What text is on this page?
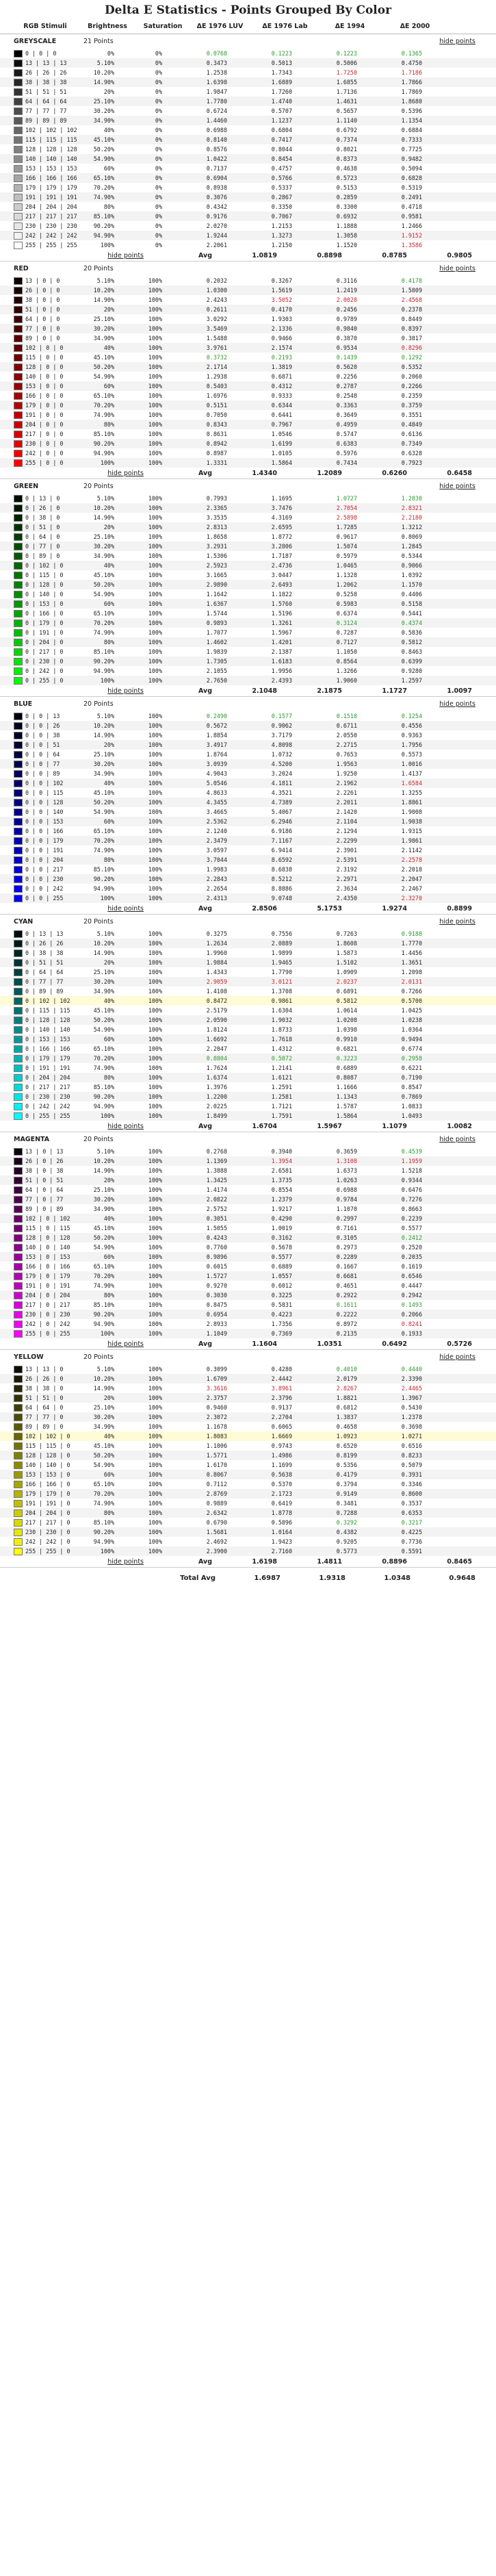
Delta E Statistics - Points Grouped By Color
RGB Stimuli	Brightness	Saturation	ΔE 1976 LUV	ΔE 1976 Lab	ΔE 1994	ΔE 2000
GREYSCALE	21 Points	hide points
0 | 0 | 0	0%	0%	0.0768	0.1223	0.1223	0.1365
13 | 13 | 13	5.10%	0%	0.3473	0.5013	0.5006	0.4750
26 | 26 | 26	10.20%	0%	1.2538	1.7343	1.7250	1.7186
38 | 38 | 38	14.90%	0%	1.6398	1.6889	1.6855	1.7866
51 | 51 | 51	20%	0%	1.9847	1.7260	1.7136	1.7869
64 | 64 | 64	25.10%	0%	1.7780	1.4740	1.4631	1.8680
77 | 77 | 77	30.20%	0%	0.6724	0.5707	0.5657	0.5396
89 | 89 | 89	34.90%	0%	1.4460	1.1237	1.1140	1.1354
102 | 102 | 102	40%	0%	0.6988	0.6804	0.6792	0.6884
115 | 115 | 115	45.10%	0%	0.8140	0.7417	0.7374	0.7333
128 | 128 | 128	50.20%	0%	0.8576	0.8044	0.8021	0.7725
140 | 140 | 140	54.90%	0%	1.0422	0.8454	0.8373	0.9482
153 | 153 | 153	60%	0%	0.7137	0.4757	0.4638	0.5094
166 | 166 | 166	65.10%	0%	0.6904	0.5766	0.5723	0.6828
179 | 179 | 179	70.20%	0%	0.8938	0.5337	0.5153	0.5319
191 | 191 | 191	74.90%	0%	0.3076	0.2867	0.2859	0.2491
204 | 204 | 204	80%	0%	0.4342	0.3350	0.3300	0.4718
217 | 217 | 217	85.10%	0%	0.9176	0.7067	0.6932	0.9581
230 | 230 | 230	90.20%	0%	2.0270	1.2153	1.1888	1.2466
242 | 242 | 242	94.90%	0%	1.9244	1.3273	1.3058	1.9152
255 | 255 | 255	100%	0%	2.2061	1.2150	1.1520	1.3586
hide points	Avg	1.0819	0.8898	0.8785	0.9805
RED	20 Points	hide points
13 | 0 | 0	5.10%	100%	0.2032	0.3267	0.3116	0.4178
26 | 0 | 0	10.20%	100%	1.0300	1.5619	1.2419	1.5809
38 | 0 | 0	14.90%	100%	2.4243	3.5052	2.0028	2.4568
51 | 0 | 0	20%	100%	0.2611	0.4170	0.2456	0.2378
64 | 0 | 0	25.10%	100%	3.0292	1.9303	0.9789	0.8449
77 | 0 | 0	30.20%	100%	3.5469	2.1336	0.9840	0.8397
89 | 0 | 0	34.90%	100%	1.5488	0.9466	0.3870	0.3817
102 | 0 | 0	40%	100%	3.9761	2.1574	0.9534	0.8296
115 | 0 | 0	45.10%	100%	0.3732	0.2193	0.1439	0.1292
128 | 0 | 0	50.20%	100%	2.1714	1.3819	0.5620	0.5352
140 | 0 | 0	54.90%	100%	1.2938	0.6871	0.2256	0.2060
153 | 0 | 0	60%	100%	0.5403	0.4312	0.2787	0.2266
166 | 0 | 0	65.10%	100%	1.6976	0.9333	0.2548	0.2359
179 | 0 | 0	70.20%	100%	0.5151	0.6344	0.3363	0.3759
191 | 0 | 0	74.90%	100%	0.7050	0.6441	0.3649	0.3551
204 | 0 | 0	80%	100%	0.8343	0.7967	0.4959	0.4849
217 | 0 | 0	85.10%	100%	0.8631	1.0546	0.5747	0.6136
230 | 0 | 0	90.20%	100%	0.8942	1.6199	0.6383	0.7349
242 | 0 | 0	94.90%	100%	0.8987	1.0105	0.5976	0.6328
255 | 0 | 0	100%	100%	1.3331	1.5864	0.7434	0.7923
hide points	Avg	1.4340	1.2089	0.6260	0.6458
GREEN	20 Points	hide points
0 | 13 | 0	5.10%	100%	0.7993	1.1695	1.0727	1.2830
0 | 26 | 0	10.20%	100%	2.3365	3.7476	2.7054	2.8321
0 | 38 | 0	14.90%	100%	3.3535	4.3169	2.5898	2.2180
0 | 51 | 0	20%	100%	2.8313	2.6595	1.7285	1.3212
0 | 64 | 0	25.10%	100%	1.8658	1.8772	0.9617	0.8069
0 | 77 | 0	30.20%	100%	3.2931	3.2806	1.5074	1.2845
0 | 89 | 0	34.90%	100%	1.5306	1.7187	0.5979	0.5344
0 | 102 | 0	40%	100%	2.5923	2.4736	1.0465	0.9066
0 | 115 | 0	45.10%	100%	3.1665	3.0447	1.1328	1.0392
0 | 128 | 0	50.20%	100%	2.9890	2.6493	1.2062	1.1570
0 | 140 | 0	54.90%	100%	1.1642	1.1822	0.5258	0.4406
0 | 153 | 0	60%	100%	1.6367	1.5760	0.5983	0.5158
0 | 166 | 0	65.10%	100%	1.5744	1.5196	0.6374	0.5441
0 | 179 | 0	70.20%	100%	0.9893	1.3261	0.3124	0.4374
0 | 191 | 0	74.90%	100%	1.7077	1.5967	0.7287	0.5836
0 | 204 | 0	80%	100%	1.4602	1.4201	0.7127	0.5812
0 | 217 | 0	85.10%	100%	1.9839	2.1387	1.1050	0.8463
0 | 230 | 0	90.20%	100%	1.7305	1.6183	0.8564	0.6399
0 | 242 | 0	94.90%	100%	2.1055	1.9956	1.3266	0.9280
0 | 255 | 0	100%	100%	2.7650	2.4393	1.9060	1.2597
hide points	Avg	2.1048	2.1875	1.1727	1.0097
BLUE	20 Points	hide points
0 | 0 | 13	5.10%	100%	0.2490	0.1577	0.1518	0.1254
0 | 0 | 26	10.20%	100%	0.5672	0.9062	0.6711	0.4556
0 | 0 | 38	14.90%	100%	1.8854	3.7179	2.0550	0.9363
0 | 0 | 51	20%	100%	3.4917	4.8098	2.2715	1.7956
0 | 0 | 64	25.10%	100%	1.8764	1.0732	0.7653	0.5573
0 | 0 | 77	30.20%	100%	3.0939	4.5200	1.9563	1.0016
0 | 0 | 89	34.90%	100%	4.9043	3.2024	1.9250	1.4137
0 | 0 | 102	40%	100%	5.0546	4.1811	2.1962	1.6584
0 | 0 | 115	45.10%	100%	4.8633	4.3521	2.2261	1.3255
0 | 0 | 128	50.20%	100%	4.3455	4.7389	2.2011	1.8861
0 | 0 | 140	54.90%	100%	3.4665	5.4067	2.1420	1.9008
0 | 0 | 153	60%	100%	2.5362	6.2946	2.1104	1.9038
0 | 0 | 166	65.10%	100%	2.1240	6.9186	2.1294	1.9315
0 | 0 | 179	70.20%	100%	2.3479	7.1167	2.2299	1.9861
0 | 0 | 191	74.90%	100%	3.0597	6.9414	2.3901	2.1142
0 | 0 | 204	80%	100%	3.7044	8.6592	2.5391	2.2578
0 | 0 | 217	85.10%	100%	1.9983	8.6838	2.3192	2.2018
0 | 0 | 230	90.20%	100%	2.2843	8.5212	2.2971	2.2047
0 | 0 | 242	94.90%	100%	2.2654	8.8886	2.3634	2.2467
0 | 0 | 255	100%	100%	2.4313	9.0748	2.4350	2.3270
hide points	Avg	2.8506	5.1753	1.9274	0.8899
CYAN	20 Points	hide points
0 | 13 | 13	5.10%	100%	0.3275	0.7556	0.7263	0.9188
0 | 26 | 26	10.20%	100%	1.2634	2.0889	1.8608	1.7770
0 | 38 | 38	14.90%	100%	1.9960	1.9899	1.5873	1.4456
0 | 51 | 51	20%	100%	1.9884	1.9465	1.5102	1.3651
0 | 64 | 64	25.10%	100%	1.4343	1.7790	1.0909	1.2098
0 | 77 | 77	30.20%	100%	2.9059	3.0121	2.0237	2.0131
0 | 89 | 89	34.90%	100%	1.4108	1.3708	0.6891	0.7266
0 | 102 | 102	40%	100%	0.8472	0.9861	0.5812	0.5700
0 | 115 | 115	45.10%	100%	2.5179	1.6304	1.0614	1.0425
0 | 128 | 128	50.20%	100%	2.0590	1.9032	1.0208	1.0238
0 | 140 | 140	54.90%	100%	1.8124	1.8733	1.0398	1.0364
0 | 153 | 153	60%	100%	1.6692	1.7618	0.9910	0.9494
0 | 166 | 166	65.10%	100%	2.2047	1.4312	0.6821	0.6774
0 | 179 | 179	70.20%	100%	0.8804	0.5872	0.3223	0.2958
0 | 191 | 191	74.90%	100%	1.7624	1.2141	0.6889	0.6221
0 | 204 | 204	80%	100%	1.6374	1.6121	0.8087	0.7190
0 | 217 | 217	85.10%	100%	1.3976	1.2591	1.1666	0.8547
0 | 230 | 230	90.20%	100%	1.2200	1.2581	1.1343	0.7869
0 | 242 | 242	94.90%	100%	2.0225	1.7121	1.5787	1.0833
0 | 255 | 255	100%	100%	1.8499	1.7591	1.5864	1.0493
hide points	Avg	1.6704	1.5967	1.1079	1.0082
MAGENTA	20 Points	hide points
13 | 0 | 13	5.10%	100%	0.2768	0.3940	0.3659	0.4539
26 | 0 | 26	10.20%	100%	1.1369	1.3954	1.3108	1.1959
38 | 0 | 38	14.90%	100%	1.3888	2.6581	1.6373	1.5218
51 | 0 | 51	20%	100%	1.3425	1.3735	1.0263	0.9344
64 | 0 | 64	25.10%	100%	1.4174	0.8554	0.6988	0.6476
77 | 0 | 77	30.20%	100%	2.0822	1.2379	0.9784	0.7276
89 | 0 | 89	34.90%	100%	2.5752	1.9217	1.1070	0.8663
102 | 0 | 102	40%	100%	0.3051	0.4290	0.2997	0.2239
115 | 0 | 115	45.10%	100%	1.5055	1.0019	0.7161	0.5577
128 | 0 | 128	50.20%	100%	0.4243	0.3162	0.3105	0.2412
140 | 0 | 140	54.90%	100%	0.7760	0.5678	0.2973	0.2520
153 | 0 | 153	60%	100%	0.9896	0.5577	0.2289	0.2035
166 | 0 | 166	65.10%	100%	0.6015	0.6889	0.1667	0.1619
179 | 0 | 179	70.20%	100%	1.5727	1.0557	0.6681	0.6546
191 | 0 | 191	74.90%	100%	0.9270	0.6012	0.4651	0.4447
204 | 0 | 204	80%	100%	0.3030	0.3225	0.2922	0.2942
217 | 0 | 217	85.10%	100%	0.8475	0.5831	0.1611	0.1493
230 | 0 | 230	90.20%	100%	0.6954	0.4223	0.2222	0.2066
242 | 0 | 242	94.90%	100%	2.8933	1.7356	0.8972	0.8241
255 | 0 | 255	100%	100%	1.1049	0.7369	0.2135	0.1933
hide points	Avg	1.1604	1.0351	0.6492	0.5726
YELLOW	20 Points	hide points
13 | 13 | 0	5.10%	100%	0.3099	0.4280	0.4010	0.4440
26 | 26 | 0	10.20%	100%	1.6709	2.4442	2.0179	2.3390
38 | 38 | 0	14.90%	100%	3.3616	3.8961	2.8267	2.4465
51 | 51 | 0	20%	100%	2.3757	2.3796	1.8821	1.3967
64 | 64 | 0	25.10%	100%	0.9460	0.9137	0.6812	0.5430
77 | 77 | 0	30.20%	100%	2.3072	2.2704	1.3837	1.2378
89 | 89 | 0	34.90%	100%	1.1678	0.6065	0.4658	0.3698
102 | 102 | 0	40%	100%	1.8083	1.6669	1.0923	1.0271
115 | 115 | 0	45.10%	100%	1.1006	0.9743	0.6520	0.6516
128 | 128 | 0	50.20%	100%	1.5771	1.4986	0.8199	0.8233
140 | 140 | 0	54.90%	100%	1.6170	1.1699	0.5356	0.5079
153 | 153 | 0	60%	100%	0.8067	0.5638	0.4179	0.3931
166 | 166 | 0	65.10%	100%	0.7112	0.5370	0.3794	0.3346
179 | 179 | 0	70.20%	100%	2.8769	2.1723	0.9149	0.8600
191 | 191 | 0	74.90%	100%	0.9889	0.6419	0.3481	0.3537
204 | 204 | 0	80%	100%	2.6342	1.8778	0.7288	0.6353
217 | 217 | 0	85.10%	100%	0.6790	0.5896	0.3292	0.3217
230 | 230 | 0	90.20%	100%	1.5681	1.0164	0.4382	0.4225
242 | 242 | 0	94.90%	100%	2.4692	1.9423	0.9205	0.7736
255 | 255 | 0	100%	100%	2.3900	2.7160	0.5773	0.5591
hide points	Avg	1.6198	1.4811	0.8896	0.8465
Total Avg	1.6987	1.9318	1.0348	0.9648
